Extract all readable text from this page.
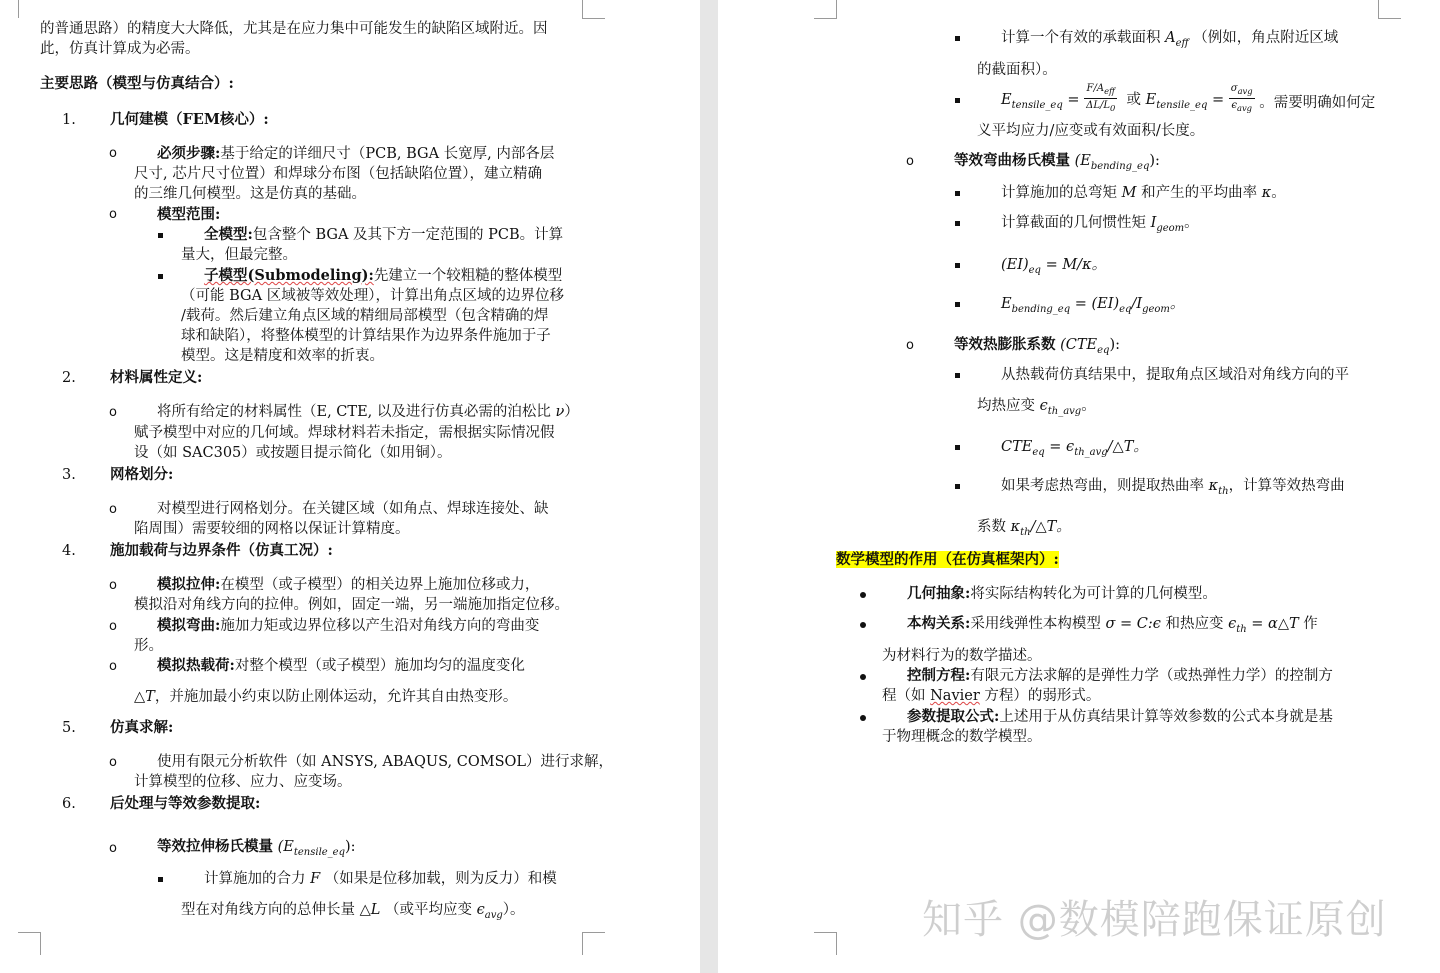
的普通思路）的精度大大降低，尤其是在应力集中可能发生的缺陷区域附近。因
此，仿真计算成为必需。
主要思路（模型与仿真结合）:
1. 几何建模（FEM核心）:
o	必须步骤:基于给定的详细尺寸（PCB, BGA 长宽厚, 内部各层
尺寸, 芯片尺寸位置）和焊球分布图（包括缺陷位置），建立精确
的三维几何模型。这是仿真的基础。
o	模型范围:
全模型:包含整个 BGA 及其下方一定范围的 PCB。计算
量大，但最完整。
子模型(Submodeling):先建立一个较粗糙的整体模型
（可能 BGA 区域被等效处理），计算出角点区域的边界位移
/载荷。然后建立角点区域的精细局部模型（包含精确的焊
球和缺陷），将整体模型的计算结果作为边界条件施加于子
模型。这是精度和效率的折衷。
2. 材料属性定义:
o	将所有给定的材料属性（E, CTE, 以及进行仿真必需的泊松比 ν）
赋予模型中对应的几何域。焊球材料若未指定，需根据实际情况假
设（如 SAC305）或按题目提示简化（如用铜）。
3. 网格划分:
o	对模型进行网格划分。在关键区域（如角点、焊球连接处、缺
陷周围）需要较细的网格以保证计算精度。
4. 施加载荷与边界条件（仿真工况）:
o	模拟拉伸:在模型（或子模型）的相关边界上施加位移或力，
模拟沿对角线方向的拉伸。例如，固定一端，另一端施加指定位移。
o	模拟弯曲:施加力矩或边界位移以产生沿对角线方向的弯曲变
形。
o	模拟热载荷:对整个模型（或子模型）施加均匀的温度变化
△T，并施加最小约束以防止刚体运动，允许其自由热变形。
5. 仿真求解:
o	使用有限元分析软件（如 ANSYS, ABAQUS, COMSOL）进行求解，
计算模型的位移、应力、应变场。
6. 后处理与等效参数提取:
o	等效拉伸杨氏模量 $(E_{tensile\_eq})$:
计算施加的合力 F （如果是位移加载，则为反力）和模
型在对角线方向的总伸长量 △L （或平均应变 $\epsilon_{avg}$）。
计算一个有效的承载面积 $A_{eff}$ （例如，角点附近区域
的截面积）。
$E_{tensile\_eq}$ =
$F/A_{eff}$
$\Delta L/L_0$
或 $E_{tensile\_eq}$ =
$\sigma_{avg}$
$\epsilon_{avg}$ 。需要明确如何定
义平均应力/应变或有效面积/长度。
o	等效弯曲杨氏模量 $(E_{bending\_eq})$:
计算施加的总弯矩 M 和产生的平均曲率 κ。
计算截面的几何惯性矩 $I_{geom}$。
$(EI)_{eq} = M/\kappa$。
$E_{bending\_eq} = (EI)_{eq}/I_{geom}$。
o	等效热膨胀系数 $(CTE_{eq})$:
从热载荷仿真结果中，提取角点区域沿对角线方向的平
均热应变 $\epsilon_{tℎ\_avg}$。
$CTE_{eq}$ = $\epsilon_{tℎ\_avg}/\triangle T$。
如果考虑热弯曲，则提取热曲率 $\kappa_{tℎ}$，计算等效热弯曲
系数 $\kappa_{tℎ}/\triangle T$。
数学模型的作用（在仿真框架内）:
几何抽象:将实际结构转化为可计算的几何模型。
本构关系:采用线弹性本构模型 σ = C:ϵ 和热应变 $\epsilon_{tℎ}$ = α△T 作
为材料行为的数学描述。
控制方程:有限元方法求解的是弹性力学（或热弹性力学）的控制方
程（如 Navier 方程）的弱形式。
参数提取公式:上述用于从仿真结果计算等效参数的公式本身就是基
于物理概念的数学模型。
知乎 @数模陪跑保证原创
